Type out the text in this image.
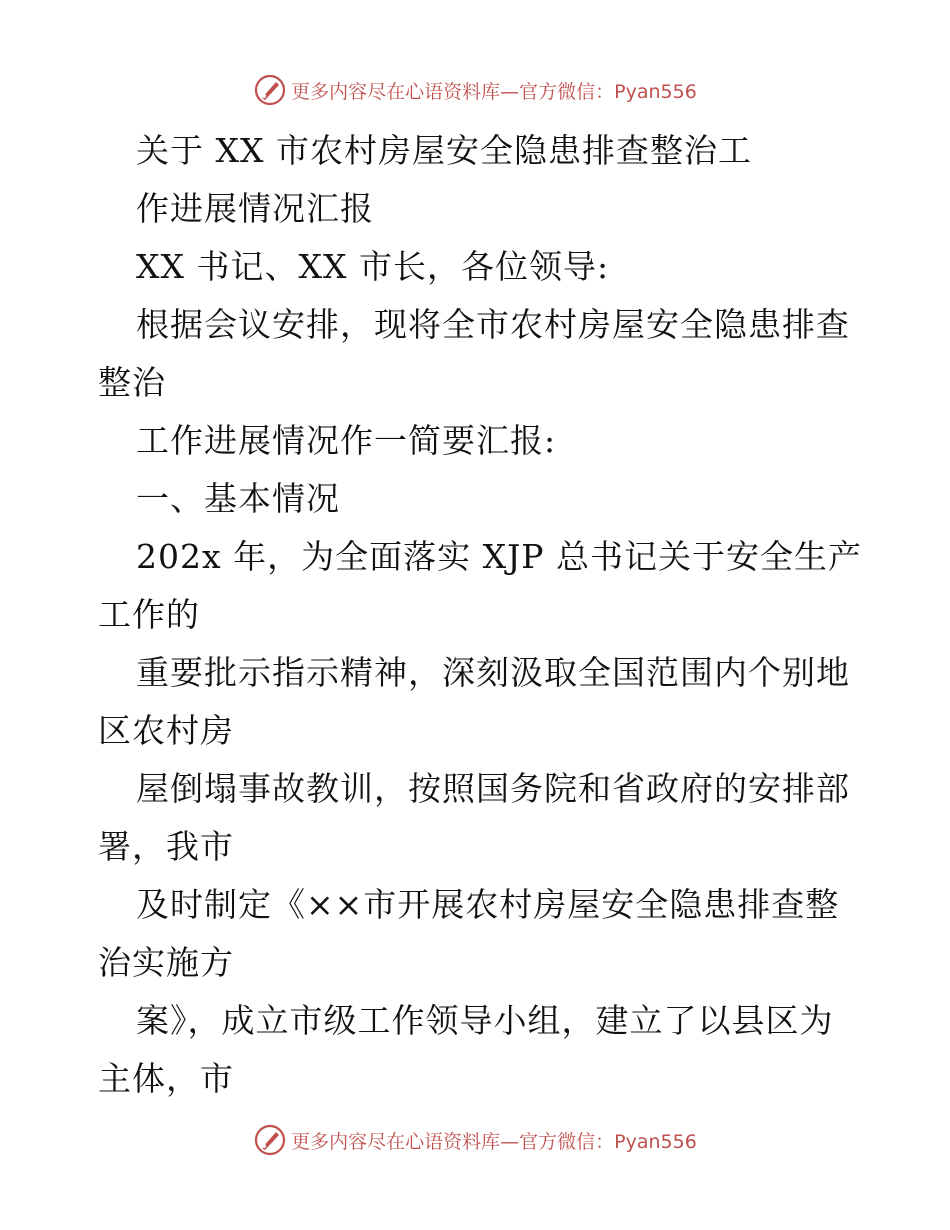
更多内容尽在心语资料库—官方微信：Pyan556
关于 XX 市农村房屋安全隐患排查整治工
作进展情况汇报
XX 书记、XX 市长，各位领导:
根据会议安排，现将全市农村房屋安全隐患排查
整治
工作进展情况作一简要汇报:
一、基本情况
202x 年，为全面落实 XJP 总书记关于安全生产
工作的
重要批示指示精神，深刻汲取全国范围内个别地
区农村房
屋倒塌事故教训，按照国务院和省政府的安排部
署，我市
及时制定《××市开展农村房屋安全隐患排查整
治实施方
案》，成立市级工作领导小组，建立了以县区为
主体，市
更多内容尽在心语资料库—官方微信：Pyan556
